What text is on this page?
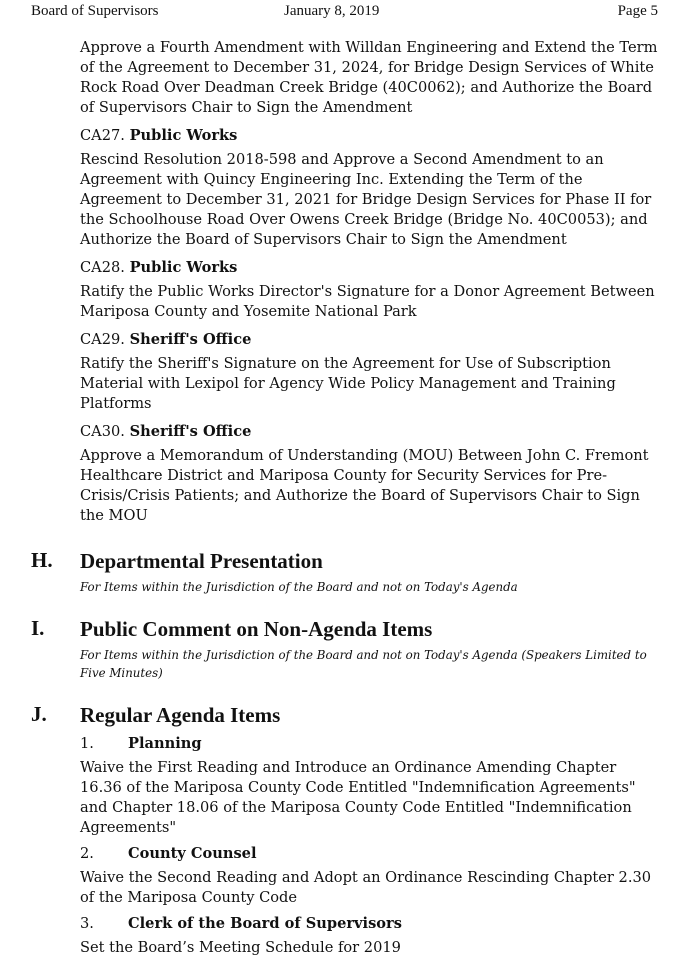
Board of Supervisors	January 8, 2019	Page 5

Approve a Fourth Amendment with Willdan Engineering and Extend the Term of the Agreement to December 31, 2024, for Bridge Design Services of White Rock Road Over Deadman Creek Bridge (40C0062); and Authorize the Board of Supervisors Chair to Sign the Amendment

CA27. Public Works

Rescind Resolution 2018-598 and Approve a Second Amendment to an Agreement with Quincy Engineering Inc. Extending the Term of the Agreement to December 31, 2021 for Bridge Design Services for Phase II for the Schoolhouse Road Over Owens Creek Bridge (Bridge No. 40C0053); and Authorize the Board of Supervisors Chair to Sign the Amendment

CA28. Public Works

Ratify the Public Works Director's Signature for a Donor Agreement Between Mariposa County and Yosemite National Park

CA29. Sheriff's Office

Ratify the Sheriff's Signature on the Agreement for Use of Subscription Material with Lexipol for Agency Wide Policy Management and Training Platforms

CA30. Sheriff's Office

Approve a Memorandum of Understanding (MOU) Between John C. Fremont Healthcare District and Mariposa County for Security Services for Pre-Crisis/Crisis Patients; and Authorize the Board of Supervisors Chair to Sign the MOU

H. Departmental Presentation

For Items within the Jurisdiction of the Board and not on Today's Agenda

I. Public Comment on Non-Agenda Items

For Items within the Jurisdiction of the Board and not on Today's Agenda (Speakers Limited to Five Minutes)

J. Regular Agenda Items
1. Planning

Waive the First Reading and Introduce an Ordinance Amending Chapter 16.36 of the Mariposa County Code Entitled "Indemnification Agreements" and Chapter 18.06 of the Mariposa County Code Entitled "Indemnification Agreements"

2. County Counsel

Waive the Second Reading and Adopt an Ordinance Rescinding Chapter 2.30 of the Mariposa County Code

3. Clerk of the Board of Supervisors

Set the Board’s Meeting Schedule for 2019
